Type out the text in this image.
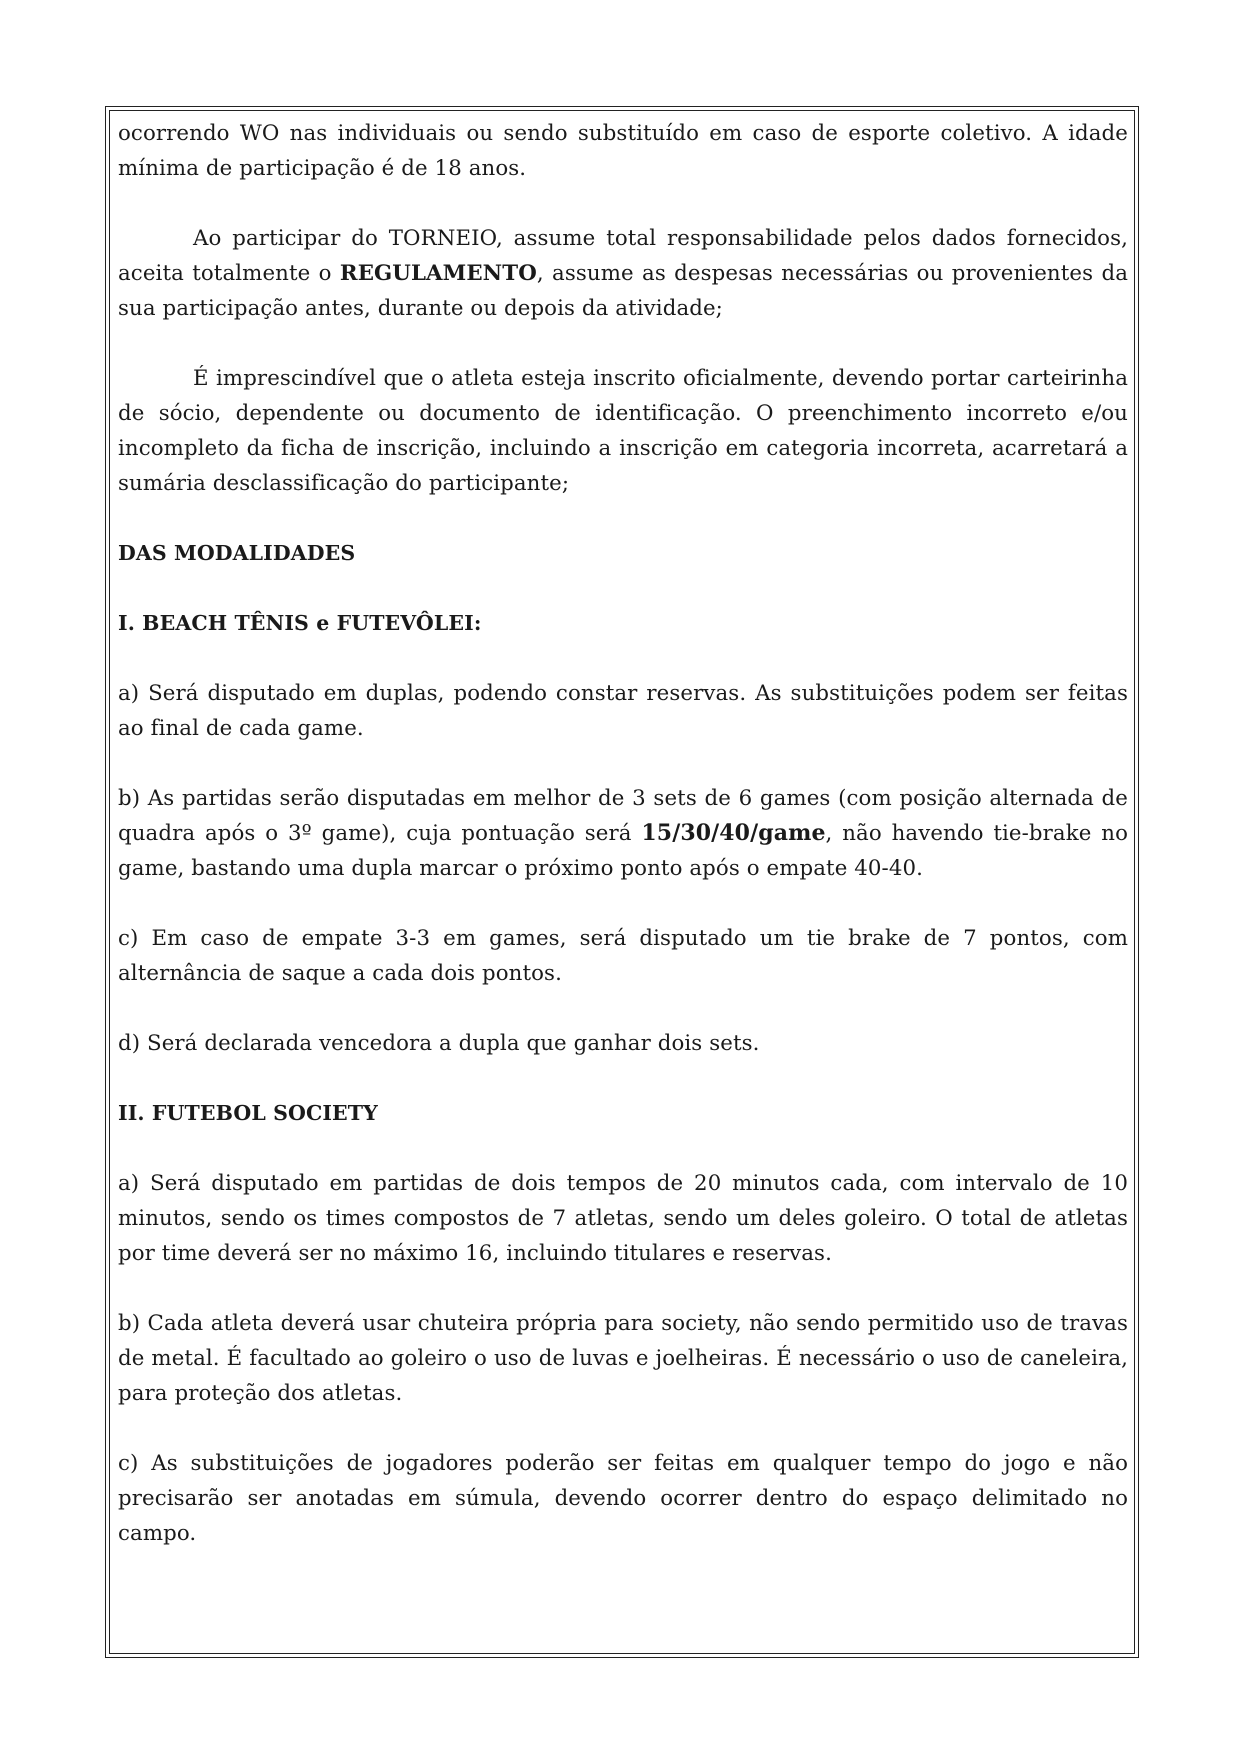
ocorrendo WO nas individuais ou sendo substituído em caso de esporte coletivo. A idade mínima de participação é de 18 anos.

Ao participar do TORNEIO, assume total responsabilidade pelos dados fornecidos, aceita totalmente o REGULAMENTO, assume as despesas necessárias ou provenientes da sua participação antes, durante ou depois da atividade;

É imprescindível que o atleta esteja inscrito oficialmente, devendo portar carteirinha de sócio, dependente ou documento de identificação. O preenchimento incorreto e/ou incompleto da ficha de inscrição, incluindo a inscrição em categoria incorreta, acarretará a sumária desclassificação do participante;

DAS MODALIDADES

I. BEACH TÊNIS e FUTEVÔLEI:

a) Será disputado em duplas, podendo constar reservas. As substituições podem ser feitas ao final de cada game.

b) As partidas serão disputadas em melhor de 3 sets de 6 games (com posição alternada de quadra após o 3º game), cuja pontuação será 15/30/40/game, não havendo tie-brake no game, bastando uma dupla marcar o próximo ponto após o empate 40-40.

c) Em caso de empate 3-3 em games, será disputado um tie brake de 7 pontos, com alternância de saque a cada dois pontos.

d) Será declarada vencedora a dupla que ganhar dois sets.

II. FUTEBOL SOCIETY

a) Será disputado em partidas de dois tempos de 20 minutos cada, com intervalo de 10 minutos, sendo os times compostos de 7 atletas, sendo um deles goleiro. O total de atletas por time deverá ser no máximo 16, incluindo titulares e reservas.

b) Cada atleta deverá usar chuteira própria para society, não sendo permitido uso de travas de metal. É facultado ao goleiro o uso de luvas e joelheiras. É necessário o uso de caneleira, para proteção dos atletas.

c) As substituições de jogadores poderão ser feitas em qualquer tempo do jogo e não precisarão ser anotadas em súmula, devendo ocorrer dentro do espaço delimitado no campo.
